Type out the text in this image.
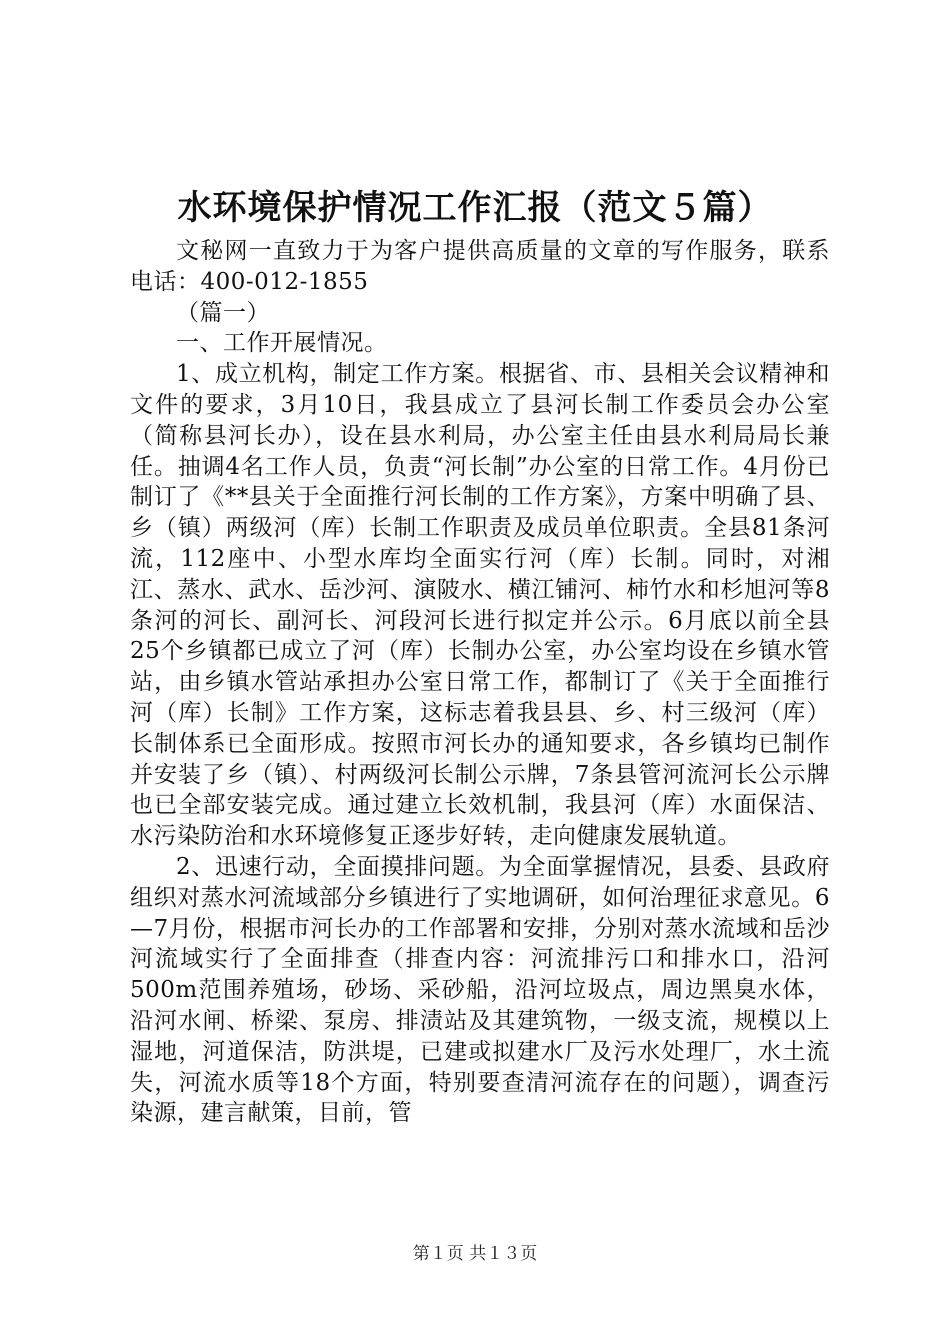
水环境保护情况工作汇报（范文５篇）

文秘网一直致力于为客户提供高质量的文章的写作服务，联系电话：400-012-1855

（篇一）

一、工作开展情况。

1、成立机构，制定工作方案。根据省、市、县相关会议精神和文件的要求，3月10日，我县成立了县河长制工作委员会办公室（简称县河长办），设在县水利局，办公室主任由县水利局局长兼任。抽调4名工作人员，负责“河长制”办公室的日常工作。4月份已制订了《**县关于全面推行河长制的工作方案》，方案中明确了县、乡（镇）两级河（库）长制工作职责及成员单位职责。全县81条河流，112座中、小型水库均全面实行河（库）长制。同时，对湘江、蒸水、武水、岳沙河、演陂水、横江铺河、柿竹水和杉旭河等8条河的河长、副河长、河段河长进行拟定并公示。6月底以前全县25个乡镇都已成立了河（库）长制办公室，办公室均设在乡镇水管站，由乡镇水管站承担办公室日常工作，都制订了《关于全面推行河（库）长制》工作方案，这标志着我县县、乡、村三级河（库）长制体系已全面形成。按照市河长办的通知要求，各乡镇均已制作并安装了乡（镇）、村两级河长制公示牌，7条县管河流河长公示牌也已全部安装完成。通过建立长效机制，我县河（库）水面保洁、水污染防治和水环境修复正逐步好转，走向健康发展轨道。

2、迅速行动，全面摸排问题。为全面掌握情况，县委、县政府组织对蒸水河流域部分乡镇进行了实地调研，如何治理征求意见。6—7月份，根据市河长办的工作部署和安排，分别对蒸水流域和岳沙河流域实行了全面排查（排查内容：河流排污口和排水口，沿河500m范围养殖场，砂场、采砂船，沿河垃圾点，周边黑臭水体，沿河水闸、桥梁、泵房、排渍站及其建筑物，一级支流，规模以上湿地，河道保洁，防洪堤，已建或拟建水厂及污水处理厂，水土流失，河流水质等18个方面，特别要查清河流存在的问题），调查污染源，建言献策，目前，管

第１页 共１３页
